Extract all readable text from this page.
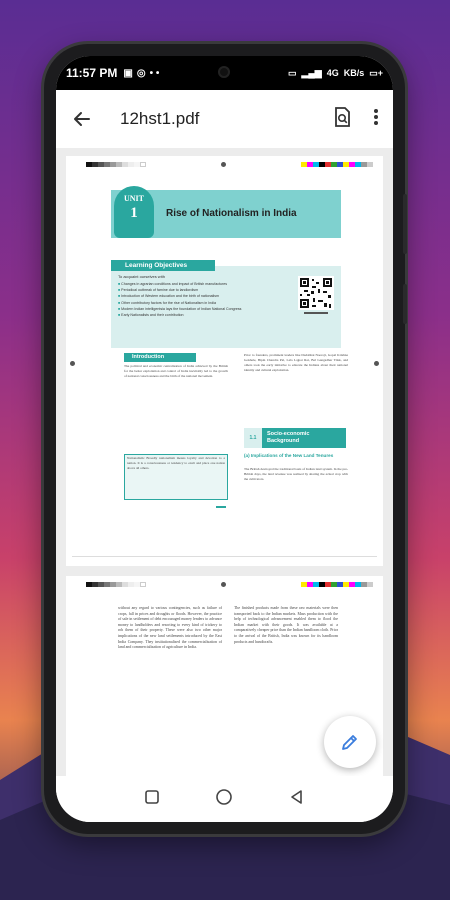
11:57 PM ▣ ◎ • •	▭ ▂▄▆ 4G KB/s ▭+
12hst1.pdf
UNIT
1	Rise of Nationalism in India
Learning Objectives
To acquaint ourselves with
■ Changes in agrarian conditions and impact of British manufactures
■ Periodical outbreak of famine due to landlordism
■ Introduction of Western education and the birth of nationalism
■ Other contributory factors for the rise of Nationalism in India
■ Modern Indian intelligentsia lays the foundation of Indian National Congress
■ Early Nationalists and their contribution
Introduction
The political and economic centralisation of India achieved by the British for the better exploitation and control of India inevitably led to the growth of national consciousness and the birth of the national movement.
Nationalism: Broadly nationalism means loyalty and devotion to a nation. It is a consciousness or tendency to exalt and place one nation above all others.
Prior to founders, prominent leaders like Dadabhai Naoroji, Gopal Krishna Gokhale, Bipin Chandra Pal, Lala Lajpat Rai, Bal Gangadhar Tilak, and others took the early initiative to educate the Indians about their national identity and cultural exploitation.
1.1
Socio-economic Background
(a) Implications of the New Land Tenures
The British destroyed the traditional basis of Indian land system. In the pre-British days, the land revenue was realised by sharing the actual crop with the cultivators.
without any regard to various contingencies, such as failure of crops, fall in prices and droughts or floods. However, the practice of sale in settlement of debt encouraged money lenders to advance money to landholders and resorting to every kind of trickery to rob them of their property. These were also two other major implications of the new land settlements introduced by the East India Company. They institutionalised the commercialisation of land and commercialisation of agriculture in India.
The finished products made from these raw materials were then transported back to the Indian markets. Mass production with the help of technological advancement enabled them to flood the Indian market with their goods. It was available at a comparatively cheaper price than the Indian handloom cloth. Prior to the arrival of the British, India was known for its handloom products and handicrafts.
